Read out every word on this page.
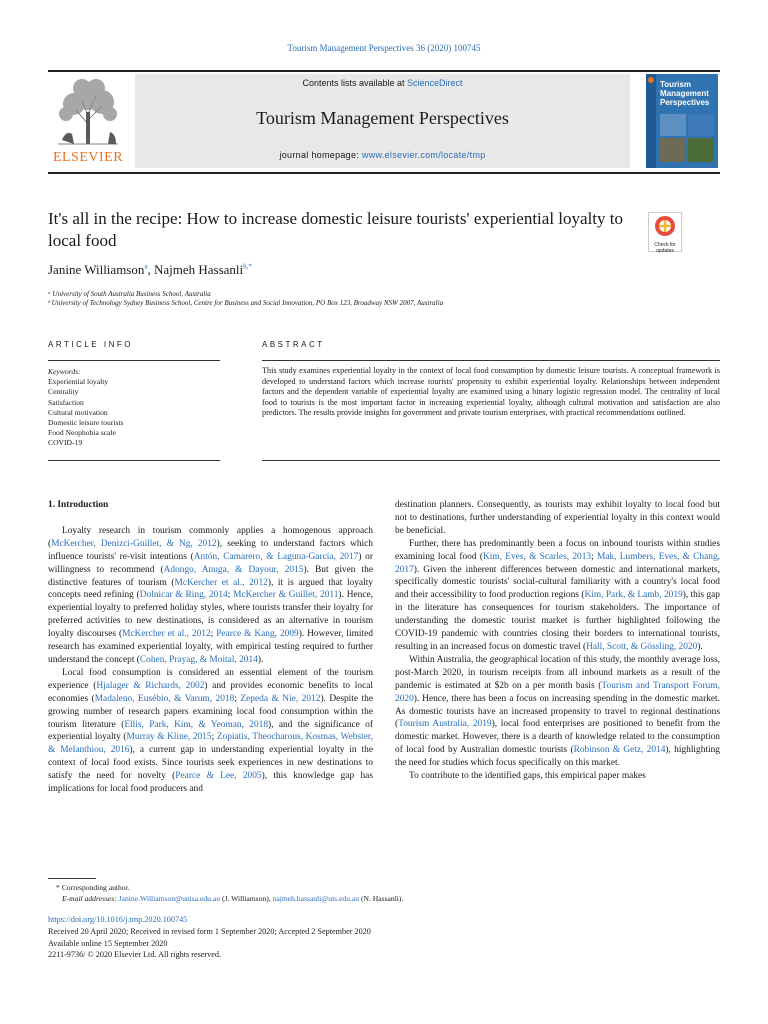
Tourism Management Perspectives 36 (2020) 100745
ELSEVIER
Contents lists available at ScienceDirect
Tourism Management Perspectives
journal homepage: www.elsevier.com/locate/tmp
Tourism Management Perspectives
It's all in the recipe: How to increase domestic leisure tourists' experiential loyalty to local food	Check for updates
Janine Williamson$^a$, Najmeh Hassanli$^{b,*}$
ᵃ University of South Australia Business School, Australia
ᵇ University of Technology Sydney Business School, Centre for Business and Social Innovation, PO Box 123, Broadway NSW 2007, Australia
ARTICLE INFO	ABSTRACT
Keywords:
Experiential loyalty
Centrality
Satisfaction
Cultural motivation
Domestic leisure tourists
Food Neophobia scale
COVID-19
This study examines experiential loyalty in the context of local food consumption by domestic leisure tourists. A conceptual framework is developed to understand factors which increase tourists' propensity to exhibit experiential loyalty. Relationships between independent factors and the dependent variable of experiential loyalty are examined using a binary logistic regression model. The centrality of local food to tourists is the most important factor in increasing experiential loyalty, although cultural motivation and satisfaction are also predictors. The results provide insights for government and private tourism enterprises, with practical recommendations outlined.
1. Introduction

Loyalty research in tourism commonly applies a homogenous approach (McKercher, Denizci-Guillet, & Ng, 2012), seeking to understand factors which influence tourists' re-visit intentions (Antón, Camarero, & Laguna-García, 2017) or willingness to recommend (Adongo, Anuga, & Dayour, 2015). But given the distinctive features of tourism (McKercher et al., 2012), it is argued that loyalty concepts need refining (Dolnicar & Ring, 2014; McKercher & Guillet, 2011). Hence, experiential loyalty to preferred holiday styles, where tourists transfer their loyalty for preferred activities to new destinations, is considered as an alternative in tourism loyalty discourses (McKercher et al., 2012; Pearce & Kang, 2009). However, limited research has examined experiential loyalty, with empirical testing required to further understand the concept (Cohen, Prayag, & Moital, 2014).

Local food consumption is considered an essential element of the tourism experience (Hjalager & Richards, 2002) and provides economic benefits to local economies (Madaleno, Eusébio, & Varum, 2018; Zepeda & Nie, 2012). Despite the growing number of research papers examining local food consumption within the tourism literature (Ellis, Park, Kim, & Yeoman, 2018), and the significance of experiential loyalty (Murray & Kline, 2015; Zopiatis, Theocharous, Kosmas, Webster, & Melanthiou, 2016), a current gap in understanding experiential loyalty in the context of local food exists. Since tourists seek experiences in new destinations to satisfy the need for novelty (Pearce & Lee, 2005), this knowledge gap has implications for local food producers and

destination planners. Consequently, as tourists may exhibit loyalty to local food but not to destinations, further understanding of experiential loyalty in this context would be beneficial.

Further, there has predominantly been a focus on inbound tourists within studies examining local food (Kim, Eves, & Scarles, 2013; Mak, Lumbers, Eves, & Chang, 2017). Given the inherent differences between domestic and international markets, specifically domestic tourists' social-cultural familiarity with a country's local food and their accessibility to food production regions (Kim, Park, & Lamb, 2019), this gap in the literature has consequences for tourism stakeholders. The importance of understanding the domestic tourist market is further highlighted following the COVID-19 pandemic with countries closing their borders to international tourists, resulting in an increased focus on domestic travel (Hall, Scott, & Gössling, 2020).

Within Australia, the geographical location of this study, the monthly average loss, post-March 2020, in tourism receipts from all inbound markets as a result of the pandemic is estimated at $2b on a per month basis (Tourism and Transport Forum, 2020). Hence, there has been a focus on increasing spending in the domestic market. As domestic tourists have an increased propensity to travel to regional destinations (Tourism Australia, 2019), local food enterprises are positioned to benefit from the domestic market. However, there is a dearth of knowledge related to the consumption of local food by Australian domestic tourists (Robinson & Getz, 2014), highlighting the need for studies which focus specifically on this market.

To contribute to the identified gaps, this empirical paper makes

* Corresponding author.
E-mail addresses: Janine.Williamson@unisa.edu.au (J. Williamson), najmeh.hassanli@uts.edu.au (N. Hassanli).
https://doi.org/10.1016/j.tmp.2020.100745
Received 20 April 2020; Received in revised form 1 September 2020; Accepted 2 September 2020
Available online 15 September 2020
2211-9736/ © 2020 Elsevier Ltd. All rights reserved.
